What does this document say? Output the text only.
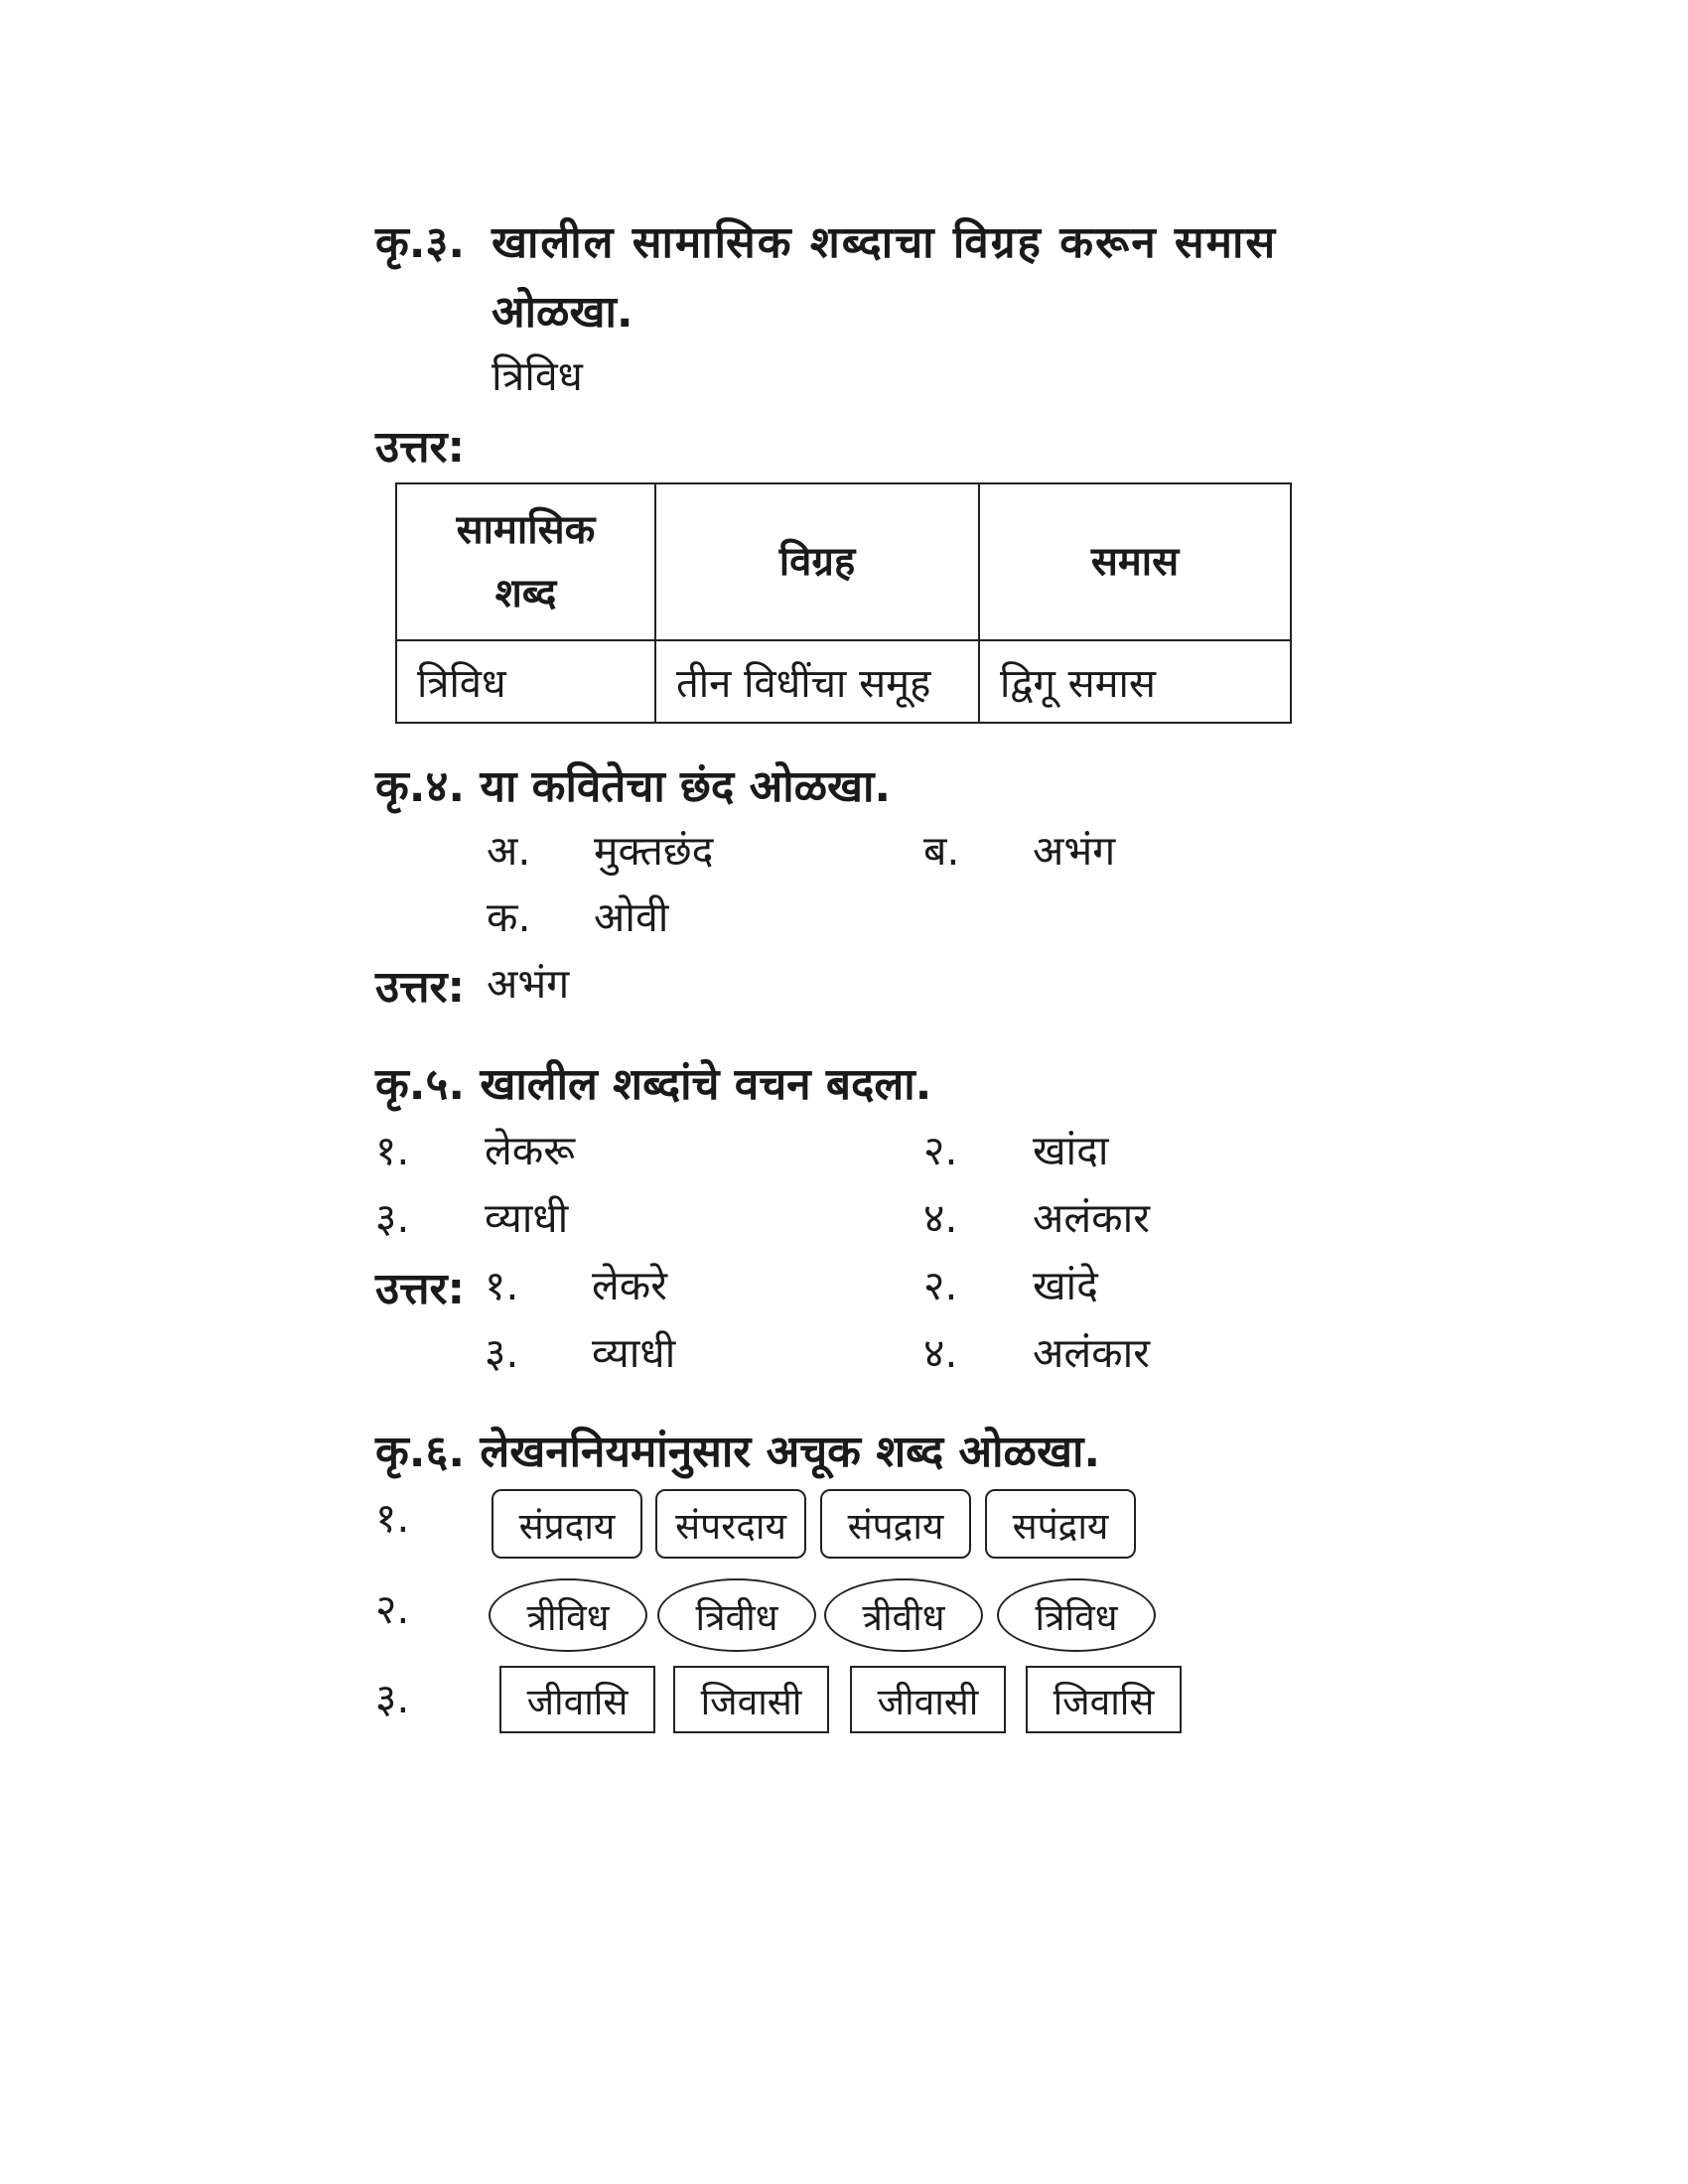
कृ.३. खालील सामासिक शब्दाचा विग्रह करून समास
ओळखा.
त्रिविध
उत्तर:
सामासिक शब्द	विग्रह	समास
त्रिविध	तीन विधींचा समूह	द्विगू समास
कृ.४. या कवितेचा छंद ओळखा.
अ. मुक्तछंद	ब. अभंग
क. ओवी
उत्तर: अभंग
कृ.५. खालील शब्दांचे वचन बदला.
१. लेकरू	२. खांदा
३. व्याधी	४. अलंकार
उत्तर: १. लेकरे	२. खांदे
३. व्याधी	४. अलंकार
कृ.६. लेखननियमांनुसार अचूक शब्द ओळखा.
१.	संप्रदाय	संपरदाय	संपद्राय	सपंद्राय
२.	त्रीविध	त्रिवीध	त्रीवीध	त्रिविध
३.	जीवासि	जिवासी	जीवासी	जिवासि
